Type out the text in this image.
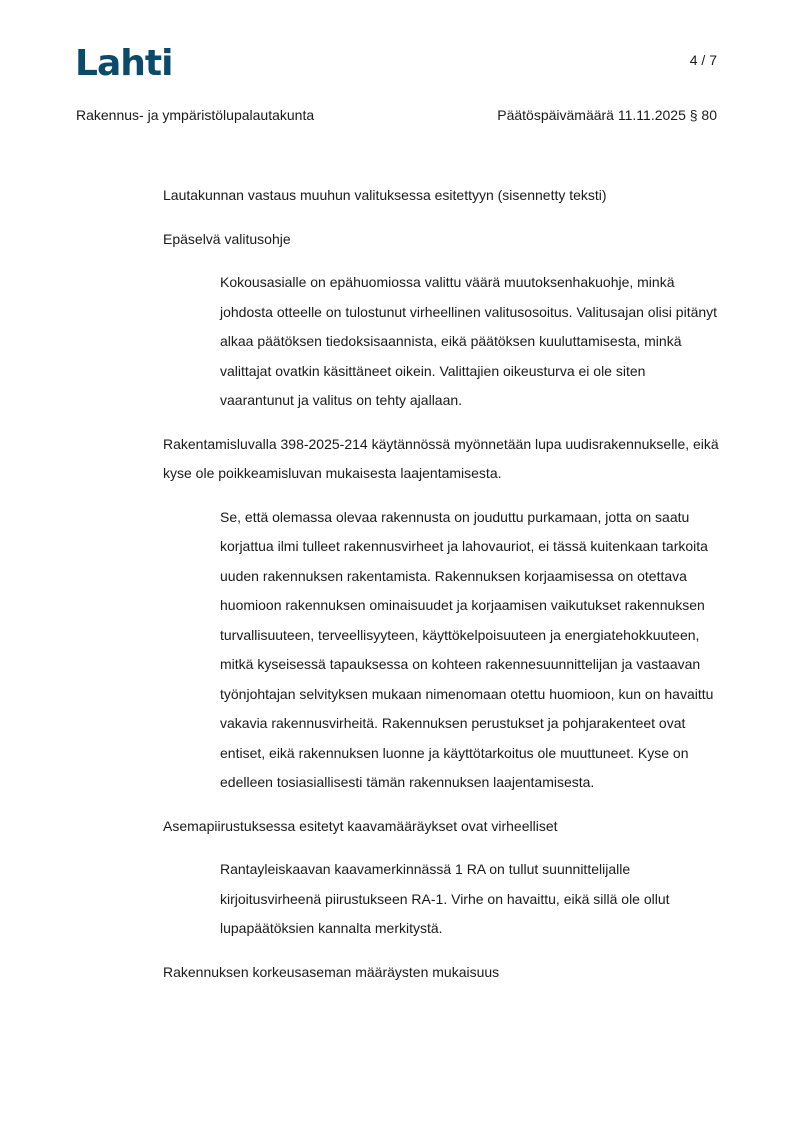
Lahti	4 / 7
Rakennus- ja ympäristölupalautakunta	Päätöspäivämäärä 11.11.2025 § 80

Lautakunnan vastaus muuhun valituksessa esitettyyn (sisennetty teksti)

Epäselvä valitusohje

Kokousasialle on epähuomiossa valittu väärä muutoksenhakuohje, minkä johdosta otteelle on tulostunut virheellinen valitusosoitus. Valitusajan olisi pitänyt alkaa päätöksen tiedoksisaannista, eikä päätöksen kuuluttamisesta, minkä valittajat ovatkin käsittäneet oikein. Valittajien oikeusturva ei ole siten vaarantunut ja valitus on tehty ajallaan.

Rakentamisluvalla 398-2025-214 käytännössä myönnetään lupa uudisrakennukselle, eikä kyse ole poikkeamisluvan mukaisesta laajentamisesta.

Se, että olemassa olevaa rakennusta on jouduttu purkamaan, jotta on saatu korjattua ilmi tulleet rakennusvirheet ja lahovauriot, ei tässä kuitenkaan tarkoita uuden rakennuksen rakentamista. Rakennuksen korjaamisessa on otettava huomioon rakennuksen ominaisuudet ja korjaamisen vaikutukset rakennuksen turvallisuuteen, terveellisyyteen, käyttökelpoisuuteen ja energiatehokkuuteen, mitkä kyseisessä tapauksessa on kohteen rakennesuunnittelijan ja vastaavan työnjohtajan selvityksen mukaan nimenomaan otettu huomioon, kun on havaittu vakavia rakennusvirheitä. Rakennuksen perustukset ja pohjarakenteet ovat entiset, eikä rakennuksen luonne ja käyttötarkoitus ole muuttuneet. Kyse on edelleen tosiasiallisesti tämän rakennuksen laajentamisesta.

Asemapiirustuksessa esitetyt kaavamääräykset ovat virheelliset

Rantayleiskaavan kaavamerkinnässä 1 RA on tullut suunnittelijalle kirjoitusvirheenä piirustukseen RA-1. Virhe on havaittu, eikä sillä ole ollut lupapäätöksien kannalta merkitystä.

Rakennuksen korkeusaseman määräysten mukaisuus
